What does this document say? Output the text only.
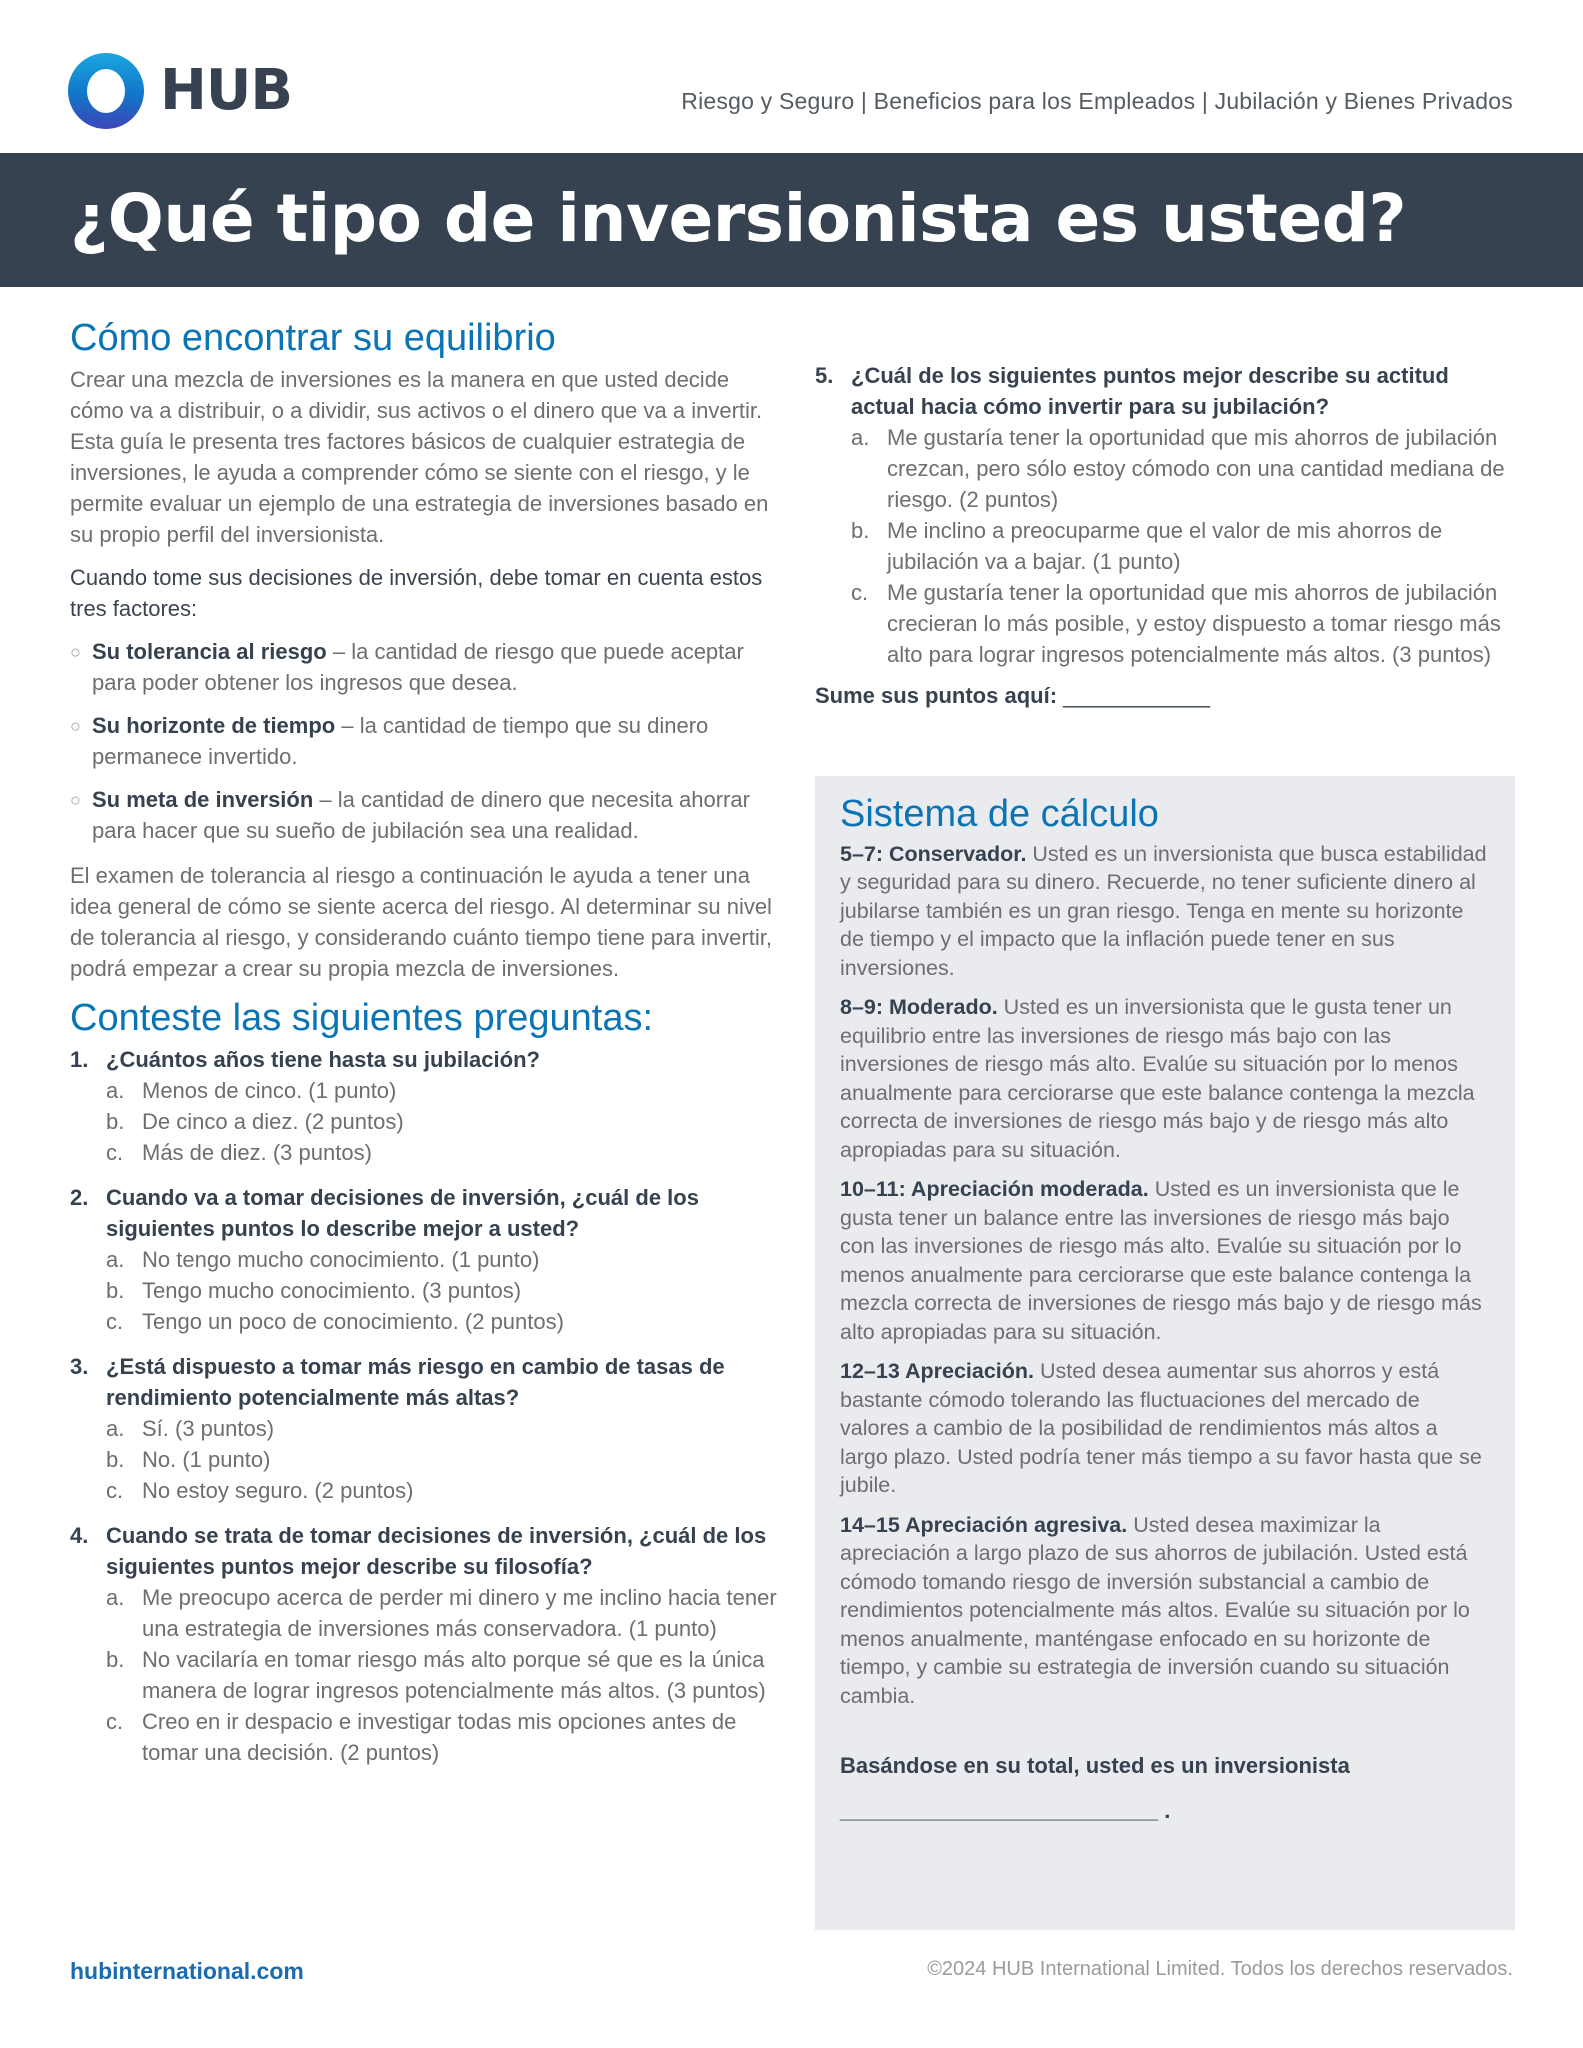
HUB	Riesgo y Seguro | Beneficios para los Empleados | Jubilación y Bienes Privados
¿Qué tipo de inversionista es usted?
Cómo encontrar su equilibrio

Crear una mezcla de inversiones es la manera en que usted decide cómo va a distribuir, o a dividir, sus activos o el dinero que va a invertir. Esta guía le presenta tres factores básicos de cualquier estrategia de inversiones, le ayuda a comprender cómo se siente con el riesgo, y le permite evaluar un ejemplo de una estrategia de inversiones basado en su propio perfil del inversionista.

Cuando tome sus decisiones de inversión, debe tomar en cuenta estos tres factores:

○ Su tolerancia al riesgo – la cantidad de riesgo que puede aceptar para poder obtener los ingresos que desea.
○ Su horizonte de tiempo – la cantidad de tiempo que su dinero permanece invertido.
○ Su meta de inversión – la cantidad de dinero que necesita ahorrar para hacer que su sueño de jubilación sea una realidad.

El examen de tolerancia al riesgo a continuación le ayuda a tener una idea general de cómo se siente acerca del riesgo. Al determinar su nivel de tolerancia al riesgo, y considerando cuánto tiempo tiene para invertir, podrá empezar a crear su propia mezcla de inversiones.

Conteste las siguientes preguntas:
1. ¿Cuántos años tiene hasta su jubilación?
a. Menos de cinco. (1 punto)
b. De cinco a diez. (2 puntos)
c. Más de diez. (3 puntos)
2. Cuando va a tomar decisiones de inversión, ¿cuál de los siguientes puntos lo describe mejor a usted?
a. No tengo mucho conocimiento. (1 punto)
b. Tengo mucho conocimiento. (3 puntos)
c. Tengo un poco de conocimiento. (2 puntos)
3. ¿Está dispuesto a tomar más riesgo en cambio de tasas de rendimiento potencialmente más altas?
a. Sí. (3 puntos)
b. No. (1 punto)
c. No estoy seguro. (2 puntos)
4. Cuando se trata de tomar decisiones de inversión, ¿cuál de los siguientes puntos mejor describe su filosofía?
a. Me preocupo acerca de perder mi dinero y me inclino hacia tener una estrategia de inversiones más conservadora. (1 punto)
b. No vacilaría en tomar riesgo más alto porque sé que es la única manera de lograr ingresos potencialmente más altos. (3 puntos)
c. Creo en ir despacio e investigar todas mis opciones antes de tomar una decisión. (2 puntos)
5. ¿Cuál de los siguientes puntos mejor describe su actitud actual hacia cómo invertir para su jubilación?
a. Me gustaría tener la oportunidad que mis ahorros de jubilación crezcan, pero sólo estoy cómodo con una cantidad mediana de riesgo. (2 puntos)
b. Me inclino a preocuparme que el valor de mis ahorros de jubilación va a bajar. (1 punto)
c. Me gustaría tener la oportunidad que mis ahorros de jubilación crecieran lo más posible, y estoy dispuesto a tomar riesgo más alto para lograr ingresos potencialmente más altos. (3 puntos)
Sume sus puntos aquí: ____________
Sistema de cálculo

5–7: Conservador. Usted es un inversionista que busca estabilidad y seguridad para su dinero. Recuerde, no tener suficiente dinero al jubilarse también es un gran riesgo. Tenga en mente su horizonte de tiempo y el impacto que la inflación puede tener en sus inversiones.

8–9: Moderado. Usted es un inversionista que le gusta tener un equilibrio entre las inversiones de riesgo más bajo con las inversiones de riesgo más alto. Evalúe su situación por lo menos anualmente para cerciorarse que este balance contenga la mezcla correcta de inversiones de riesgo más bajo y de riesgo más alto apropiadas para su situación.

10–11: Apreciación moderada. Usted es un inversionista que le gusta tener un balance entre las inversiones de riesgo más bajo con las inversiones de riesgo más alto. Evalúe su situación por lo menos anualmente para cerciorarse que este balance contenga la mezcla correcta de inversiones de riesgo más bajo y de riesgo más alto apropiadas para su situación.

12–13 Apreciación. Usted desea aumentar sus ahorros y está bastante cómodo tolerando las fluctuaciones del mercado de valores a cambio de la posibilidad de rendimientos más altos a largo plazo. Usted podría tener más tiempo a su favor hasta que se jubile.

14–15 Apreciación agresiva. Usted desea maximizar la apreciación a largo plazo de sus ahorros de jubilación. Usted está cómodo tomando riesgo de inversión substancial a cambio de rendimientos potencialmente más altos. Evalúe su situación por lo menos anualmente, manténgase enfocado en su horizonte de tiempo, y cambie su estrategia de inversión cuando su situación cambia.

Basándose en su total, usted es un inversionista

__________________________ .

hubinternational.com	©2024 HUB International Limited. Todos los derechos reservados.
